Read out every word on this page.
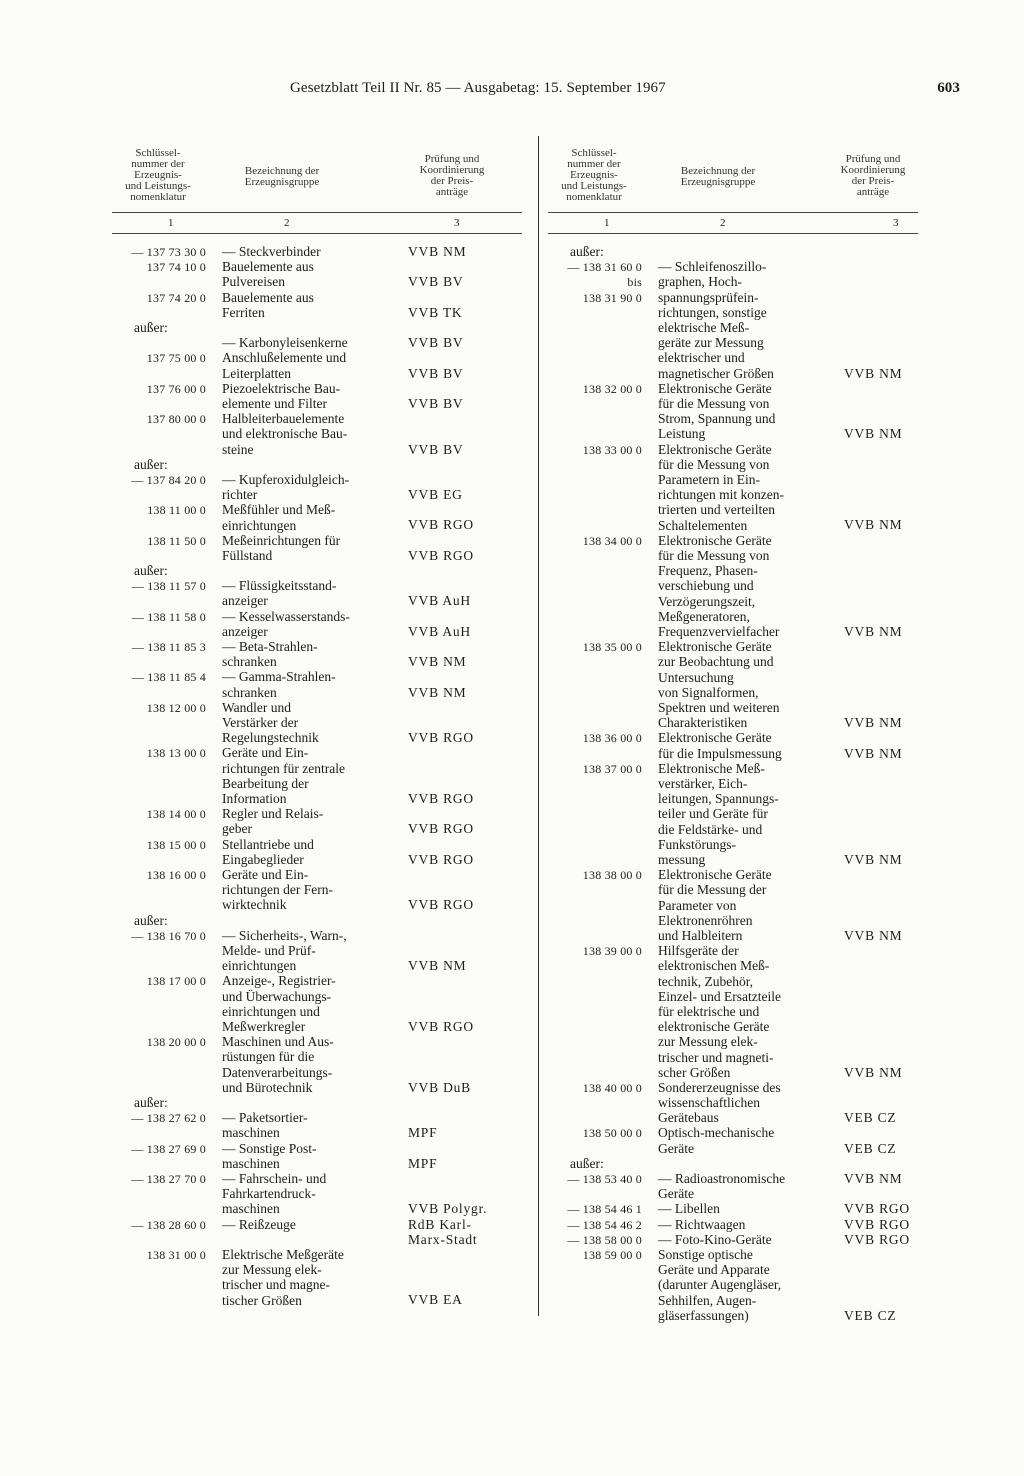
Gesetzblatt Teil II Nr. 85 — Ausgabetag: 15. September 1967	603
Schlüssel-
nummer der
Erzeugnis-
und Leistungs-
nomenklatur
Bezeichnung der
Erzeugnisgruppe
Prüfung und
Koordinierung
der Preis-
anträge
1	2	3
— 137 73 30 0 — Steckverbinder	VVB NM
137 74 10 0 Bauelemente aus
Pulvereisen	VVB BV
137 74 20 0 Bauelemente aus
Ferriten	VVB TK
außer:
— Karbonyleisenkerne	VVB BV
137 75 00 0 Anschlußelemente und
Leiterplatten	VVB BV
137 76 00 0 Piezoelektrische Bau-
elemente und Filter	VVB BV
137 80 00 0 Halbleiterbauelemente
und elektronische Bau-
steine	VVB BV
außer:
— 137 84 20 0 — Kupferoxidulgleich-
richter	VVB EG
138 11 00 0 Meßfühler und Meß-
einrichtungen	VVB RGO
138 11 50 0 Meßeinrichtungen für
Füllstand	VVB RGO
außer:
— 138 11 57 0 — Flüssigkeitsstand-
anzeiger	VVB AuH
— 138 11 58 0 — Kesselwasserstands-
anzeiger	VVB AuH
— 138 11 85 3 — Beta-Strahlen-
schranken	VVB NM
— 138 11 85 4 — Gamma-Strahlen-
schranken	VVB NM
138 12 00 0 Wandler und
Verstärker der
Regelungstechnik	VVB RGO
138 13 00 0 Geräte und Ein-
richtungen für zentrale
Bearbeitung der
Information	VVB RGO
138 14 00 0 Regler und Relais-
geber	VVB RGO
138 15 00 0 Stellantriebe und
Eingabeglieder	VVB RGO
138 16 00 0 Geräte und Ein-
richtungen der Fern-
wirktechnik	VVB RGO
außer:
— 138 16 70 0 — Sicherheits-, Warn-,
Melde- und Prüf-
einrichtungen	VVB NM
138 17 00 0 Anzeige-, Registrier-
und Überwachungs-
einrichtungen und
Meßwerkregler	VVB RGO
138 20 00 0 Maschinen und Aus-
rüstungen für die
Datenverarbeitungs-
und Bürotechnik	VVB DuB
außer:
— 138 27 62 0 — Paketsortier-
maschinen	MPF
— 138 27 69 0 — Sonstige Post-
maschinen	MPF
— 138 27 70 0 — Fahrschein- und
Fahrkartendruck-
maschinen	VVB Polygr.
— 138 28 60 0 — Reißzeuge	RdB Karl-
Marx-Stadt
138 31 00 0 Elektrische Meßgeräte
zur Messung elek-
trischer und magne-
tischer Größen	VVB EA
Schlüssel-
nummer der
Erzeugnis-
und Leistungs-
nomenklatur
Bezeichnung der
Erzeugnisgruppe
Prüfung und
Koordinierung
der Preis-
anträge
1	2	3
außer:
— 138 31 60 0 — Schleifenoszillo-
bis graphen, Hoch-
138 31 90 0 spannungsprüfein-
richtungen, sonstige
elektrische Meß-
geräte zur Messung
elektrischer und
magnetischer Größen	VVB NM
138 32 00 0 Elektronische Geräte
für die Messung von
Strom, Spannung und
Leistung	VVB NM
138 33 00 0 Elektronische Geräte
für die Messung von
Parametern in Ein-
richtungen mit konzen-
trierten und verteilten
Schaltelementen	VVB NM
138 34 00 0 Elektronische Geräte
für die Messung von
Frequenz, Phasen-
verschiebung und
Verzögerungszeit,
Meßgeneratoren,
Frequenzvervielfacher	VVB NM
138 35 00 0 Elektronische Geräte
zur Beobachtung und
Untersuchung
von Signalformen,
Spektren und weiteren
Charakteristiken	VVB NM
138 36 00 0 Elektronische Geräte
für die Impulsmessung	VVB NM
138 37 00 0 Elektronische Meß-
verstärker, Eich-
leitungen, Spannungs-
teiler und Geräte für
die Feldstärke- und
Funkstörungs-
messung	VVB NM
138 38 00 0 Elektronische Geräte
für die Messung der
Parameter von
Elektronenröhren
und Halbleitern	VVB NM
138 39 00 0 Hilfsgeräte der
elektronischen Meß-
technik, Zubehör,
Einzel- und Ersatzteile
für elektrische und
elektronische Geräte
zur Messung elek-
trischer und magneti-
scher Größen	VVB NM
138 40 00 0 Sondererzeugnisse des
wissenschaftlichen
Gerätebaus	VEB CZ
138 50 00 0 Optisch-mechanische
Geräte	VEB CZ
außer:
— 138 53 40 0 — Radioastronomische
Geräte
VVB NM
— 138 54 46 1 — Libellen	VVB RGO
— 138 54 46 2 — Richtwaagen	VVB RGO
— 138 58 00 0 — Foto-Kino-Geräte	VVB RGO
138 59 00 0 Sonstige optische
Geräte und Apparate
(darunter Augengläser,
Sehhilfen, Augen-
gläserfassungen)	VEB CZ
